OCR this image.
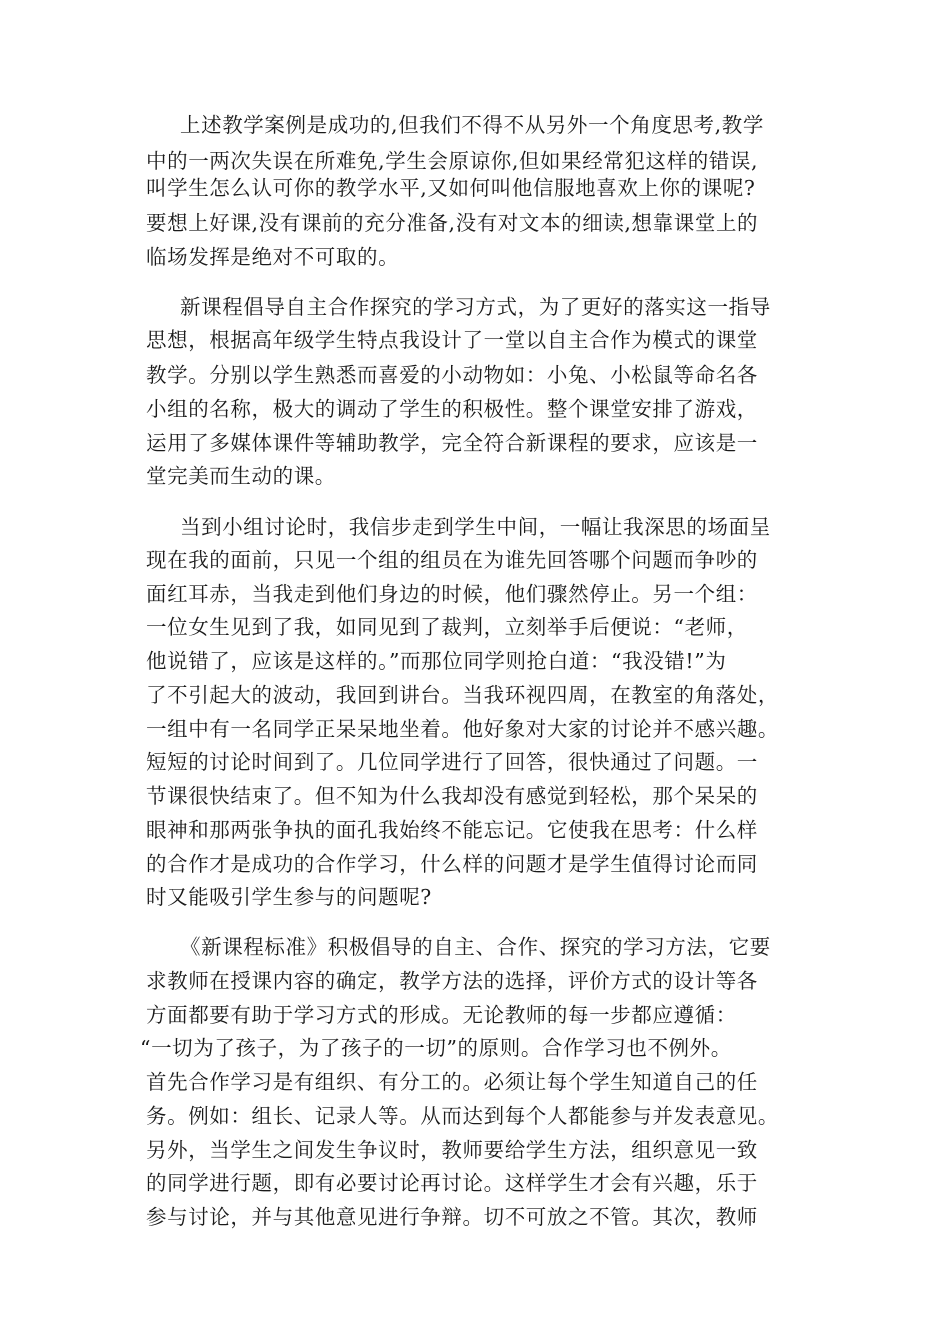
上述教学案例是成功的,但我们不得不从另外一个角度思考,教学
中的一两次失误在所难免,学生会原谅你,但如果经常犯这样的错误,
叫学生怎么认可你的教学水平,又如何叫他信服地喜欢上你的课呢?
要想上好课,没有课前的充分准备,没有对文本的细读,想靠课堂上的
临场发挥是绝对不可取的。
新课程倡导自主合作探究的学习方式，为了更好的落实这一指导
思想，根据高年级学生特点我设计了一堂以自主合作为模式的课堂
教学。分别以学生熟悉而喜爱的小动物如：小兔、小松鼠等命名各
小组的名称，极大的调动了学生的积极性。整个课堂安排了游戏，
运用了多媒体课件等辅助教学，完全符合新课程的要求，应该是一
堂完美而生动的课。
当到小组讨论时，我信步走到学生中间，一幅让我深思的场面呈
现在我的面前，只见一个组的组员在为谁先回答哪个问题而争吵的
面红耳赤，当我走到他们身边的时候，他们骤然停止。另一个组：
一位女生见到了我，如同见到了裁判，立刻举手后便说：“老师，
他说错了，应该是这样的。”而那位同学则抢白道：“我没错!”为
了不引起大的波动，我回到讲台。当我环视四周，在教室的角落处，
一组中有一名同学正呆呆地坐着。他好象对大家的讨论并不感兴趣。
短短的讨论时间到了。几位同学进行了回答，很快通过了问题。一
节课很快结束了。但不知为什么我却没有感觉到轻松，那个呆呆的
眼神和那两张争执的面孔我始终不能忘记。它使我在思考：什么样
的合作才是成功的合作学习，什么样的问题才是学生值得讨论而同
时又能吸引学生参与的问题呢?
《新课程标准》积极倡导的自主、合作、探究的学习方法，它要
求教师在授课内容的确定，教学方法的选择，评价方式的设计等各
方面都要有助于学习方式的形成。无论教师的每一步都应遵循：
“一切为了孩子，为了孩子的一切”的原则。合作学习也不例外。
首先合作学习是有组织、有分工的。必须让每个学生知道自己的任
务。例如：组长、记录人等。从而达到每个人都能参与并发表意见。
另外，当学生之间发生争议时，教师要给学生方法，组织意见一致
的同学进行题，即有必要讨论再讨论。这样学生才会有兴趣，乐于
参与讨论，并与其他意见进行争辩。切不可放之不管。其次，教师
